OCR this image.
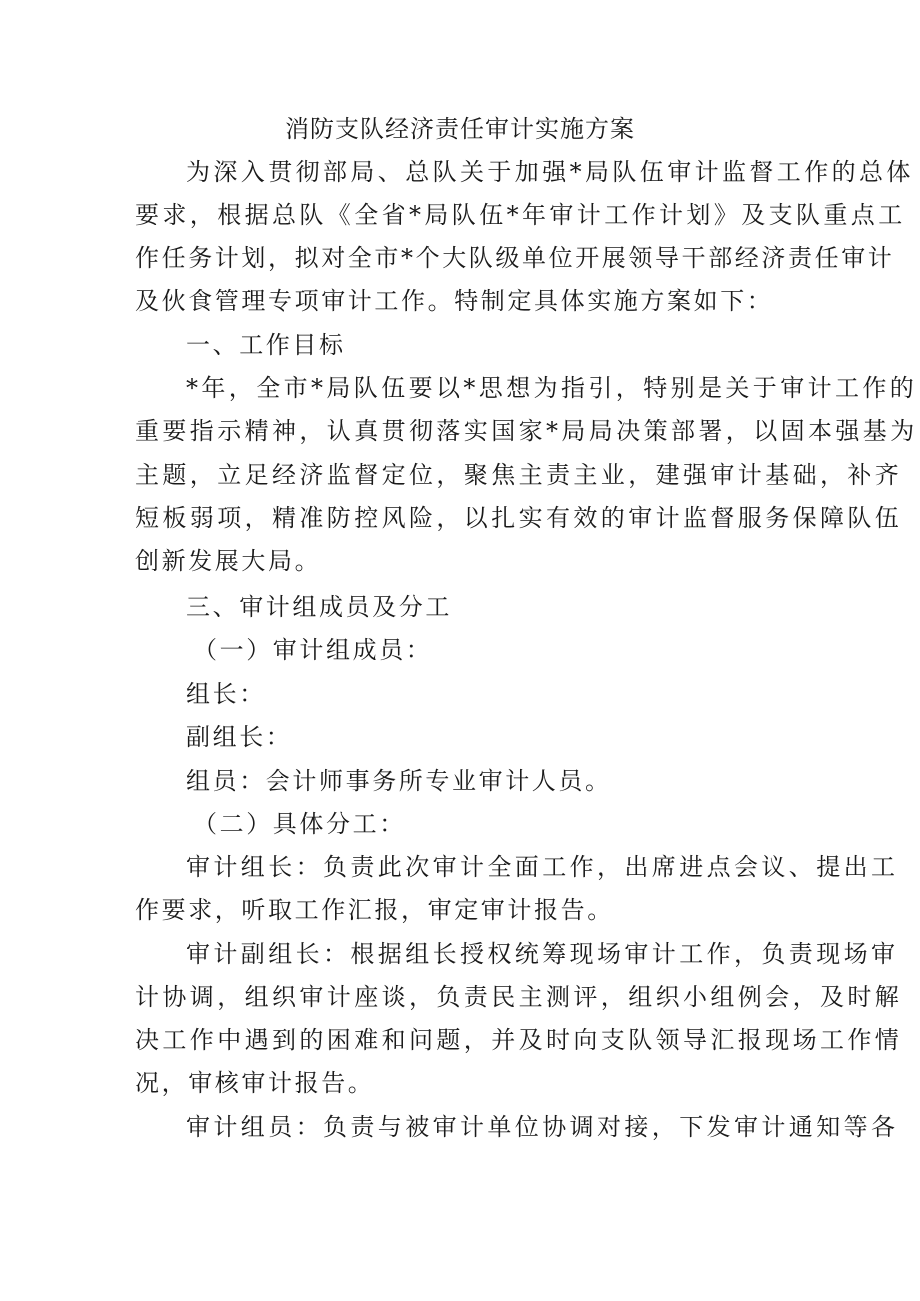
消防支队经济责任审计实施方案
为深入贯彻部局、总队关于加强*局队伍审计监督工作的总体
要求，根据总队《全省*局队伍*年审计工作计划》及支队重点工
作任务计划，拟对全市*个大队级单位开展领导干部经济责任审计
及伙食管理专项审计工作。特制定具体实施方案如下：
一、工作目标
*年，全市*局队伍要以*思想为指引，特别是关于审计工作的
重要指示精神，认真贯彻落实国家*局局决策部署，以固本强基为
主题，立足经济监督定位，聚焦主责主业，建强审计基础，补齐
短板弱项，精准防控风险，以扎实有效的审计监督服务保障队伍
创新发展大局。
三、审计组成员及分工
（一）审计组成员：
组长：
副组长：
组员：会计师事务所专业审计人员。
（二）具体分工：
审计组长：负责此次审计全面工作，出席进点会议、提出工
作要求，听取工作汇报，审定审计报告。
审计副组长：根据组长授权统筹现场审计工作，负责现场审
计协调，组织审计座谈，负责民主测评，组织小组例会，及时解
决工作中遇到的困难和问题，并及时向支队领导汇报现场工作情
况，审核审计报告。
审计组员：负责与被审计单位协调对接，下发审计通知等各
